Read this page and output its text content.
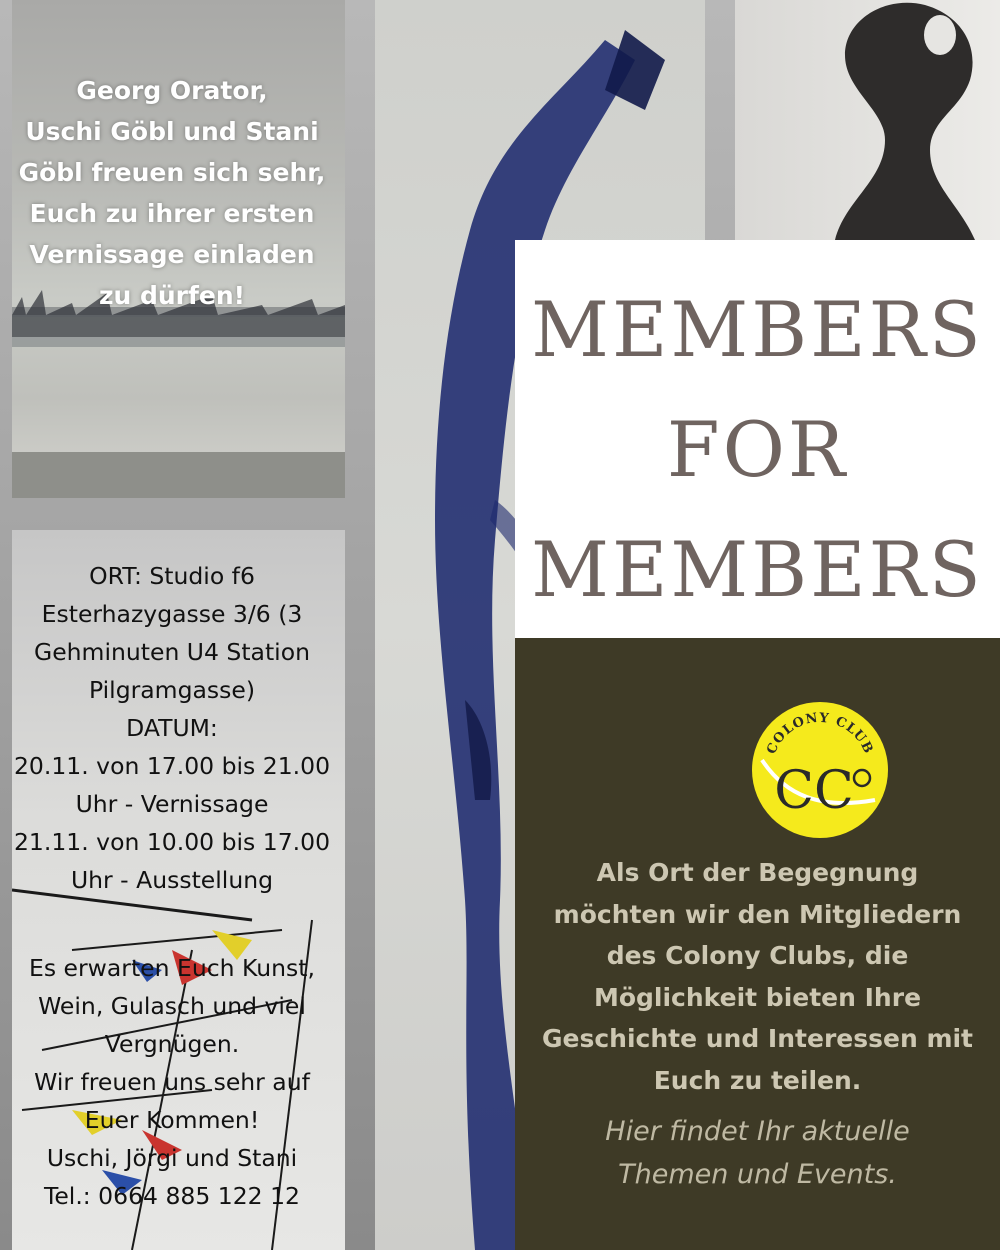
MEMBERS
FOR
MEMBERS
COLONY CLUB
CC
Georg Orator,
Uschi Göbl und Stani
Göbl freuen sich sehr,
Euch zu ihrer ersten
Vernissage einladen
zu dürfen!
ORT: Studio f6
Esterhazygasse 3/6 (3
Gehminuten U4 Station
Pilgramgasse)
DATUM:
20.11. von 17.00 bis 21.00
Uhr - Vernissage
21.11. von 10.00 bis 17.00
Uhr - Ausstellung
Es erwarten Euch Kunst,
Wein, Gulasch und viel
Vergnügen.
Wir freuen uns sehr auf
Euer Kommen!
Uschi, Jörgi und Stani
Tel.: 0664 885 122 12
Als Ort der Begegnung
möchten wir den Mitgliedern
des Colony Clubs, die
Möglichkeit bieten Ihre
Geschichte und Interessen mit
Euch zu teilen.
Hier findet Ihr aktuelle
Themen und Events.
